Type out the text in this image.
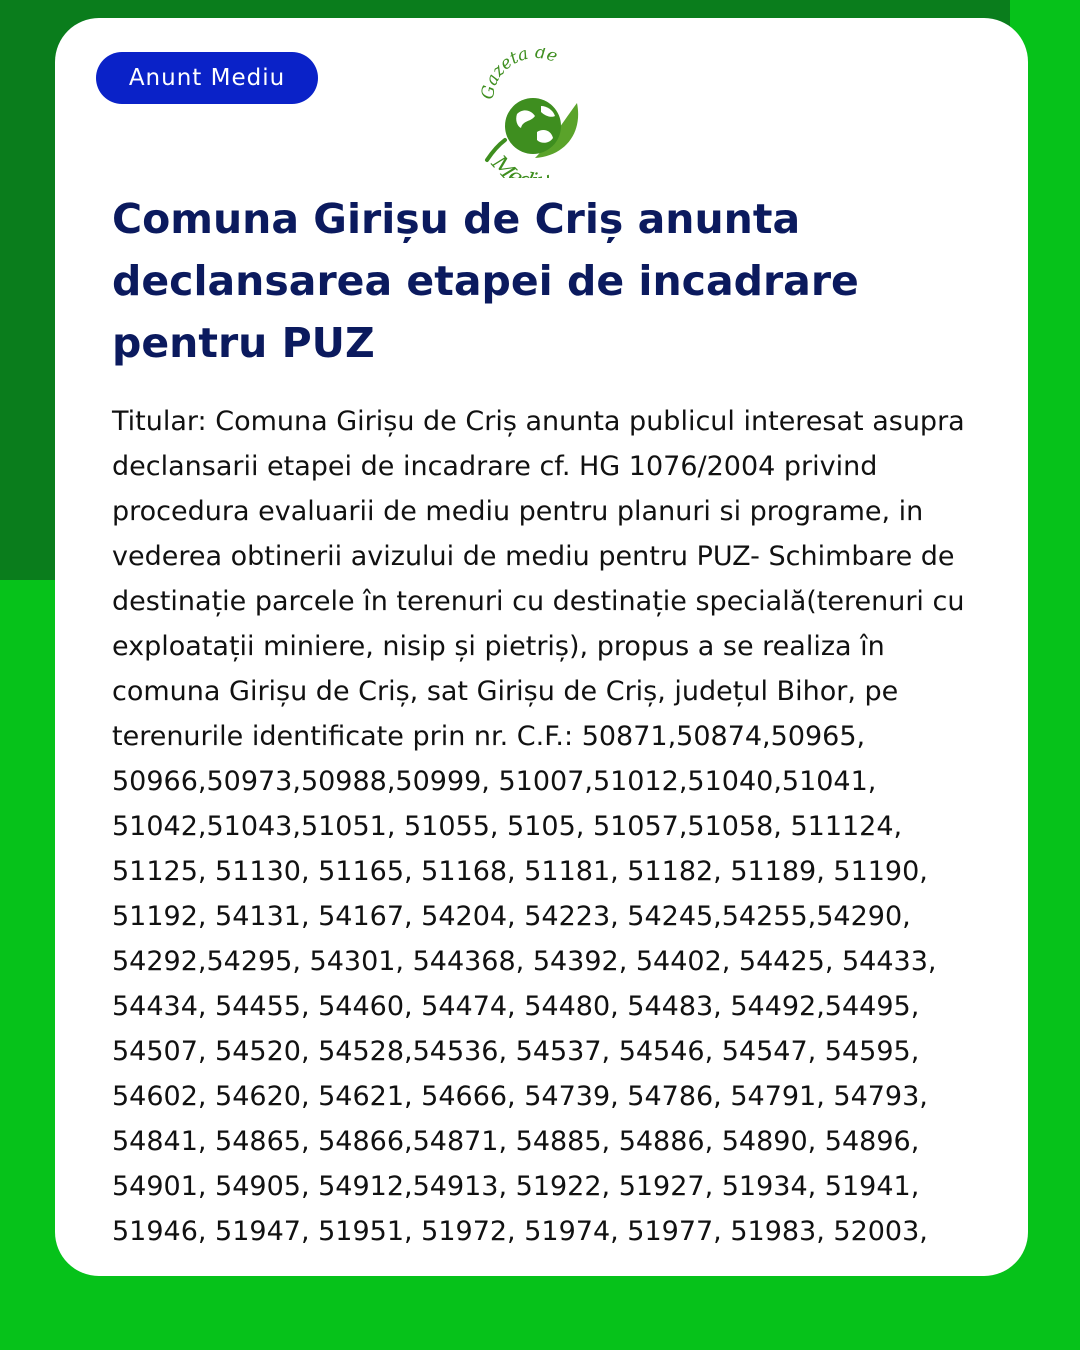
Anunt Mediu
Gazeta de
Me
Comuna Girișu de Criș anunta declansarea etapei de incadrare pentru PUZ

Titular: Comuna Girișu de Criș anunta publicul interesat asupra declansarii etapei de incadrare cf. HG 1076/2004 privind procedura evaluarii de mediu pentru planuri si programe, in vederea obtinerii avizului de mediu pentru PUZ- Schimbare de destinație parcele în terenuri cu destinație specială(terenuri cu exploatații miniere, nisip și pietriș), propus a se realiza în comuna Girișu de Criș, sat Girișu de Criș, județul Bihor, pe terenurile identificate prin nr. C.F.: 50871,50874,50965,
50966,50973,50988,50999, 51007,51012,51040,51041, 51042,51043,51051, 51055, 5105, 51057,51058, 511124, 51125, 51130, 51165, 51168, 51181, 51182, 51189, 51190, 51192, 54131, 54167, 54204, 54223, 54245,54255,54290, 54292,54295, 54301, 544368, 54392, 54402, 54425, 54433, 54434, 54455, 54460, 54474, 54480, 54483, 54492,54495, 54507, 54520, 54528,54536, 54537, 54546, 54547, 54595, 54602, 54620, 54621, 54666, 54739, 54786, 54791, 54793, 54841, 54865, 54866,54871, 54885, 54886, 54890, 54896, 54901, 54905, 54912,54913, 51922, 51927, 51934, 51941, 51946, 51947, 51951, 51972, 51974, 51977, 51983, 52003,
